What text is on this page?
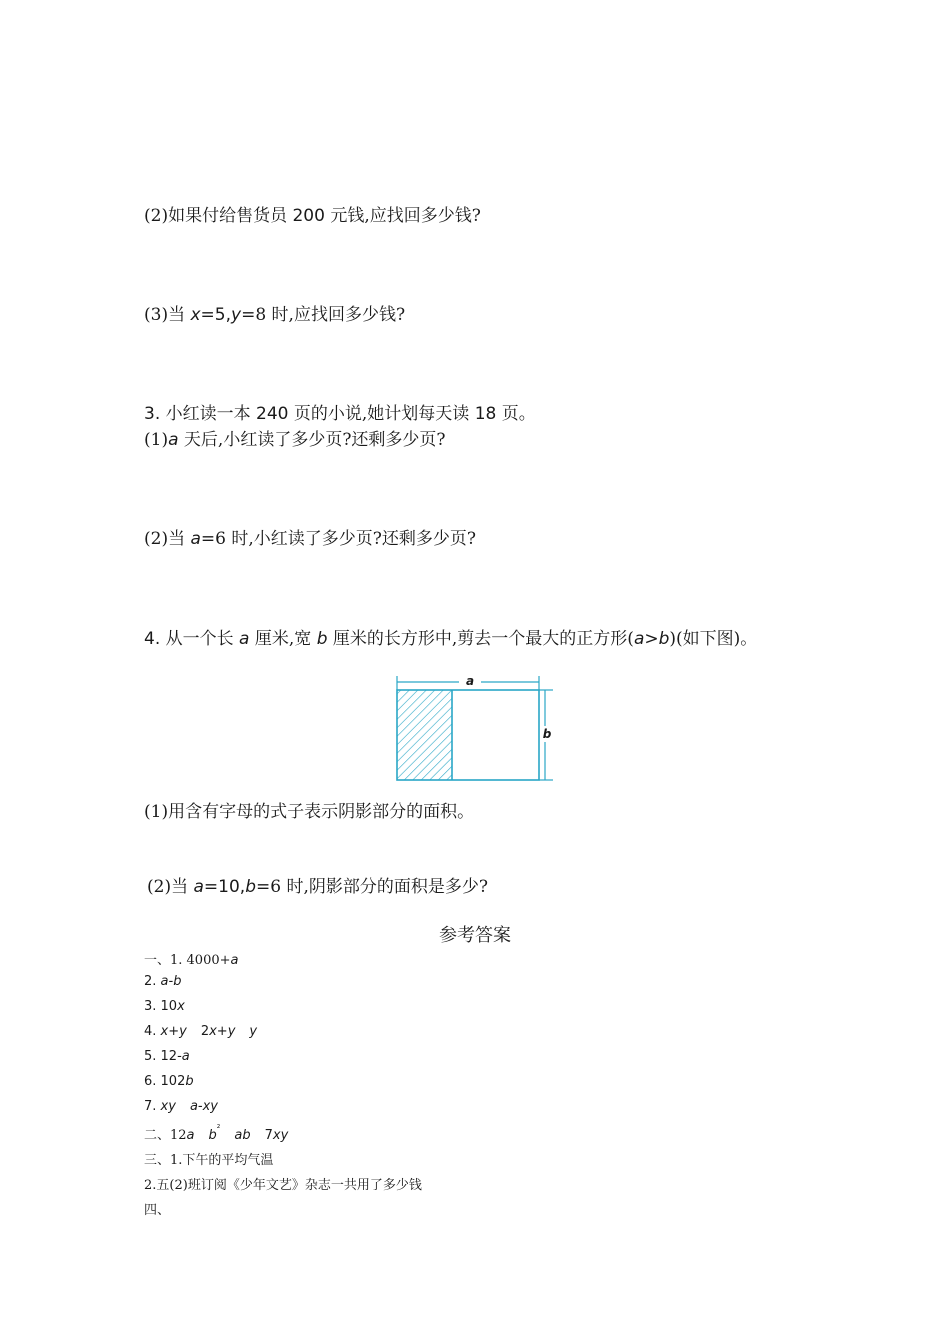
(2)如果付给售货员 200 元钱,应找回多少钱?
(3)当 x=5,y=8 时,应找回多少钱?
3. 小红读一本 240 页的小说,她计划每天读 18 页。
(1)a 天后,小红读了多少页?还剩多少页?
(2)当 a=6 时,小红读了多少页?还剩多少页?
4. 从一个长 a 厘米,宽 b 厘米的长方形中,剪去一个最大的正方形(a>b)(如下图)。
a
b
(1)用含有字母的式子表示阴影部分的面积。
(2)当 a=10,b=6 时,阴影部分的面积是多少?
参考答案
一、1. 4000+a
2. a-b
3. 10x
4. x+y 2x+y y
5. 12-a
6. 102b
7. xy a-xy
二、12a $b^{^2}$ ab 7xy
三、1.下午的平均气温
2.五(2)班订阅《少年文艺》杂志一共用了多少钱
四、
